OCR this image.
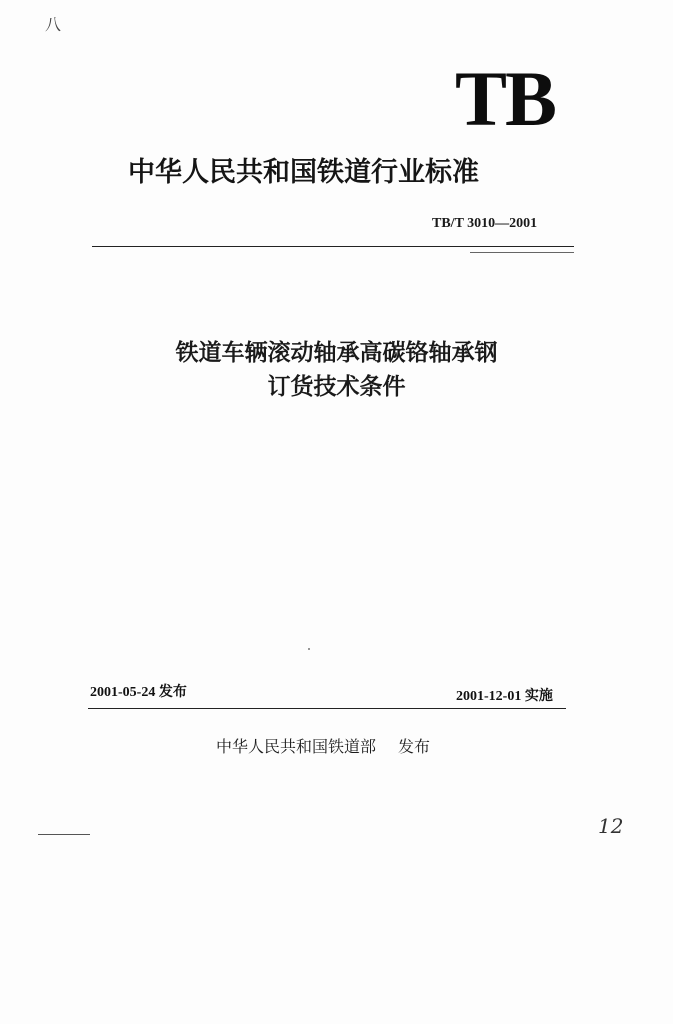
八
TB
中华人民共和国铁道行业标准
TB/T 3010—2001
铁道车辆滚动轴承高碳铬轴承钢
订货技术条件
2001-05-24 发布	2001-12-01 实施
中华人民共和国铁道部 发布
12
